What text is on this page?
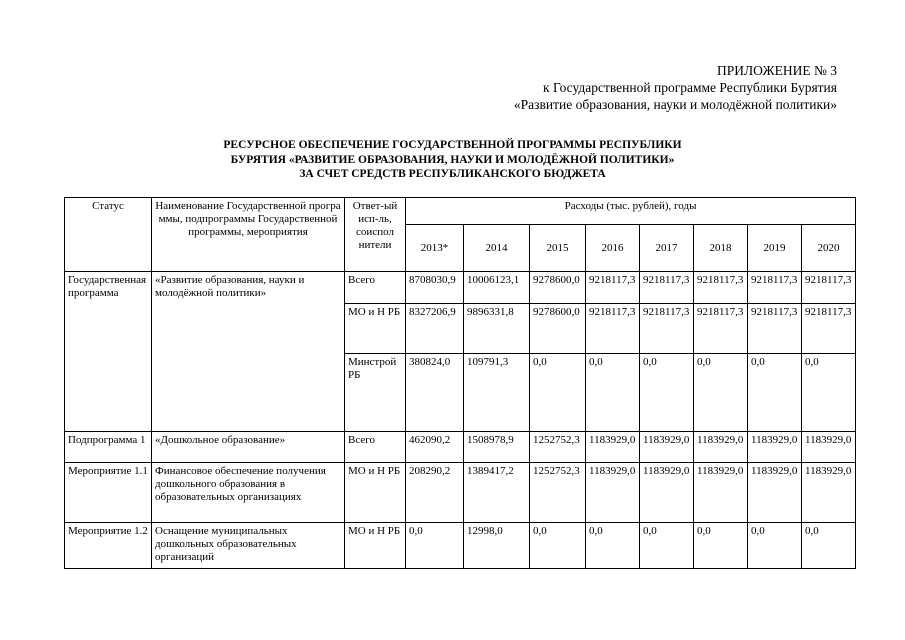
ПРИЛОЖЕНИЕ № 3
к Государственной программе Республики Бурятия
«Развитие образования, науки и молодёжной политики»
РЕСУРСНОЕ ОБЕСПЕЧЕНИЕ ГОСУДАРСТВЕННОЙ ПРОГРАММЫ РЕСПУБЛИКИ
БУРЯТИЯ «РАЗВИТИЕ ОБРАЗОВАНИЯ, НАУКИ И МОЛОДЁЖНОЙ ПОЛИТИКИ»
ЗА СЧЕТ СРЕДСТВ РЕСПУБЛИКАНСКОГО БЮДЖЕТА
Статус	Наименование Государственной программы, подпрограммы Государственной программы, мероприятия	Ответ-ый исп-ль, соиспол нители	Расходы (тыс. рублей), годы							
			2013*	2014	2015	2016	2017	2018	2019	2020
Государственная программа	«Развитие образования, науки и молодёжной политики»	Всего	8708030,9	10006123,1	9278600,0	9218117,3	9218117,3	9218117,3	9218117,3	9218117,3
		МО и Н РБ	8327206,9	9896331,8	9278600,0	9218117,3	9218117,3	9218117,3	9218117,3	9218117,3
		Минстрой РБ	380824,0	109791,3	0,0	0,0	0,0	0,0	0,0	0,0
Подпрограмма 1	«Дошкольное образование»	Всего	462090,2	1508978,9	1252752,3	1183929,0	1183929,0	1183929,0	1183929,0	1183929,0
Мероприятие 1.1	Финансовое обеспечение получения дошкольного образования в образовательных организациях	МО и Н РБ	208290,2	1389417,2	1252752,3	1183929,0	1183929,0	1183929,0	1183929,0	1183929,0
Мероприятие 1.2	Оснащение муниципальных дошкольных образовательных организаций	МО и Н РБ	0,0	12998,0	0,0	0,0	0,0	0,0	0,0	0,0
